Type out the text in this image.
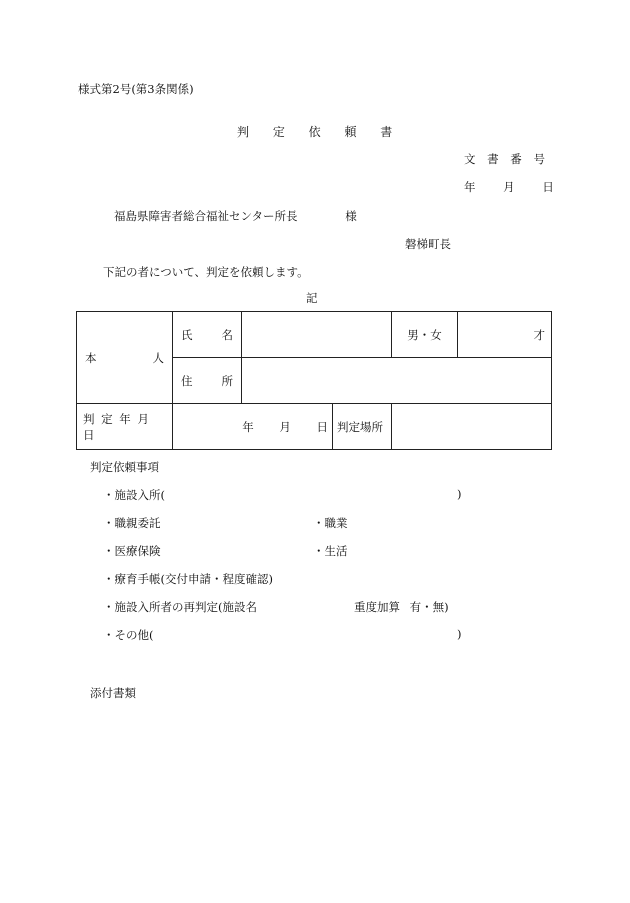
様式第2号(第3条関係)
判 定 依 頼 書
文 書 番 号
年 月 日
福島県障害者総合福祉センター所長	様
磐梯町長
下記の者について、判定を依頼します。
記
本 人	氏 名			男・女	才

	住 所				

判 定 年 月 日	年 月 日		判定場所		
判定依頼事項
・施設入所(	)
・職親委託	・職業
・医療保険	・生活
・療育手帳(交付申請・程度確認)
・施設入所者の再判定(施設名	重度加算 有・無)
・その他(	)
添付書類
